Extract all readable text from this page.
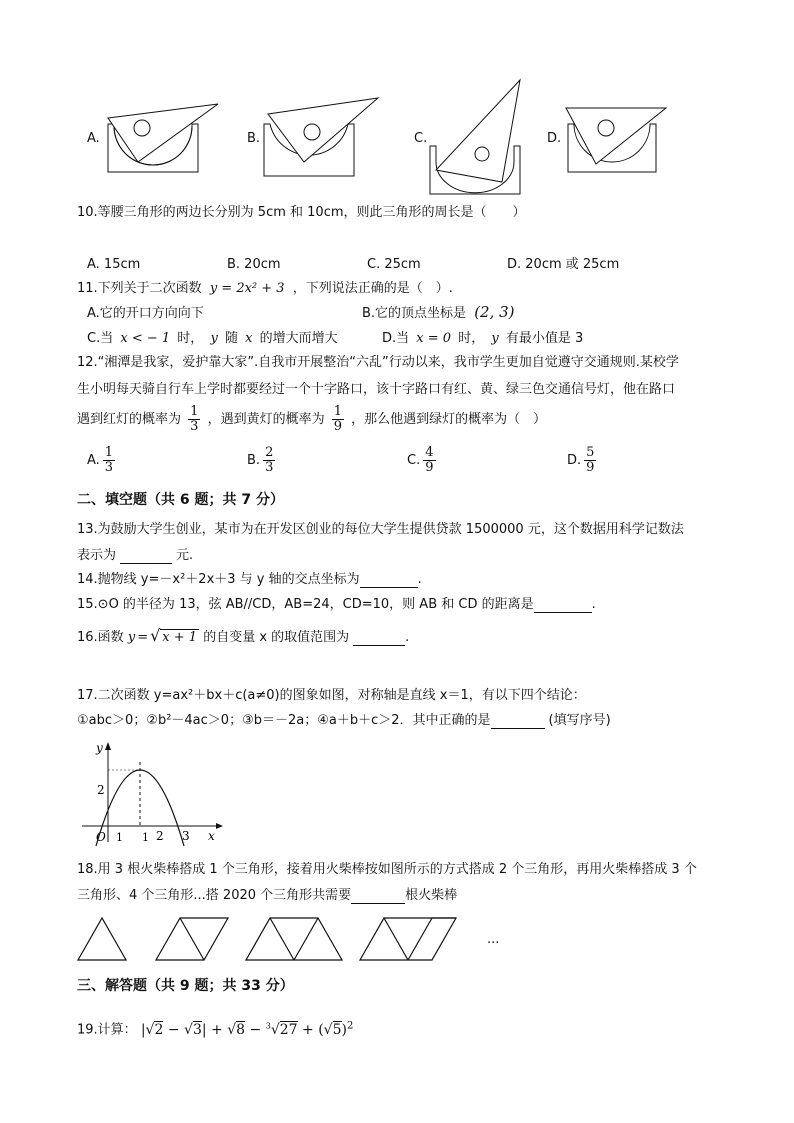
A.	B.	C.	D.
10.等腰三角形的两边长分别为 5cm 和 10cm，则此三角形的周长是（　　）
A. 15cm	B. 20cm	C. 25cm	D. 20cm 或 25cm
11.下列关于二次函数 y = 2x² + 3 ，下列说法正确的是（　）.
A.它的开口方向向下	B.它的顶点坐标是 (2, 3)
C.当 x < − 1 时， y 随 x 的增大而增大	D.当 x = 0 时， y 有最小值是 3
12.“湘潭是我家，爱护靠大家”.自我市开展整治“六乱”行动以来，我市学生更加自觉遵守交通规则.某校学
生小明每天骑自行车上学时都要经过一个十字路口，该十字路口有红、黄、绿三色交通信号灯，他在路口
遇到红灯的概率为 $\frac{1}{3}$ ，遇到黄灯的概率为 $\frac{1}{9}$ ，那么他遇到绿灯的概率为（　）
A. $\frac{1}{3}$	B. $\frac{2}{3}$	C. $\frac{4}{9}$	D. $\frac{5}{9}$
二、填空题（共 6 题；共 7 分）
13.为鼓励大学生创业，某市为在开发区创业的每位大学生提供贷款 1500000 元，这个数据用科学记数法
表示为	元.
14.抛物线 y=－x²＋2x＋3 与 y 轴的交点坐标为	.
15.⊙O 的半径为 13，弦 AB//CD，AB=24，CD=10，则 AB 和 CD 的距离是	.
16.函数 y = √ x + 1 的自变量 x 的取值范围为	.
17.二次函数 y=ax²＋bx＋c(a≠0)的图象如图，对称轴是直线 x＝1，有以下四个结论：
①abc＞0；②b²－4ac＞0；③b＝－2a；④a＋b＋c＞2．其中正确的是	(填写序号)
y
x
O
2
1 1 2 3
18.用 3 根火柴棒搭成 1 个三角形，接着用火柴棒按如图所示的方式搭成 2 个三角形，再用火柴棒搭成 3 个
三角形、4 个三角形...搭 2020 个三角形共需要	根火柴棒
...
三、解答题（共 9 题；共 33 分）
19.计算： $|√2 - √3| + √8 - ^3√27 + (√5)^2$
